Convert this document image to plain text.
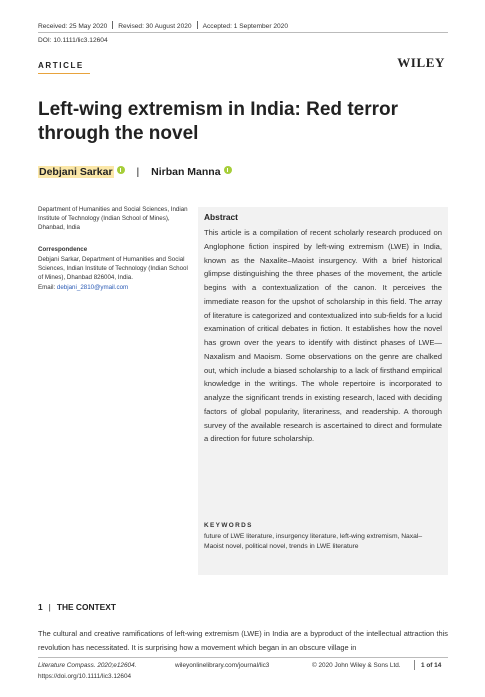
Received: 25 May 2020 Revised: 30 August 2020 Accepted: 1 September 2020
DOI: 10.1111/lic3.12604
ARTICLE	WILEY
Left-wing extremism in India: Red terror through the novel
Debjani Sarkar | Nirban Manna
Department of Humanities and Social Sciences, Indian Institute of Technology (Indian School of Mines), Dhanbad, India
Correspondence
Debjani Sarkar, Department of Humanities and Social Sciences, Indian Institute of Technology (Indian School of Mines), Dhanbad 826004, India.
Email: debjani_2810@ymail.com
Abstract

This article is a compilation of recent scholarly research produced on Anglophone fiction inspired by left-wing extremism (LWE) in India, known as the Naxalite–Maoist insurgency. With a brief historical glimpse distinguishing the three phases of the movement, the article begins with a contextualization of the canon. It perceives the immediate reason for the upshot of scholarship in this field. The array of literature is categorized and contextualized into sub-fields for a lucid examination of critical debates in fiction. It establishes how the novel has grown over the years to identify with distinct phases of LWE—Naxalism and Maoism. Some observations on the genre are chalked out, which include a biased scholarship to a lack of firsthand empirical knowledge in the writings. The whole repertoire is incorporated to analyze the significant trends in existing research, laced with deciding factors of global popularity, literariness, and readership. A thorough survey of the available research is ascertained to direct and formulate a direction for future scholarship.

KEYWORDS
future of LWE literature, insurgency literature, left-wing extremism, Naxal–Maoist novel, political novel, trends in LWE literature
1 | THE CONTEXT

The cultural and creative ramifications of left-wing extremism (LWE) in India are a byproduct of the intellectual attraction this revolution has necessitated. It is surprising how a movement which began in an obscure village in

Literature Compass. 2020;e12604.
https://doi.org/10.1111/lic3.12604
wileyonlinelibrary.com/journal/lic3	© 2020 John Wiley & Sons Ltd.	1 of 14
